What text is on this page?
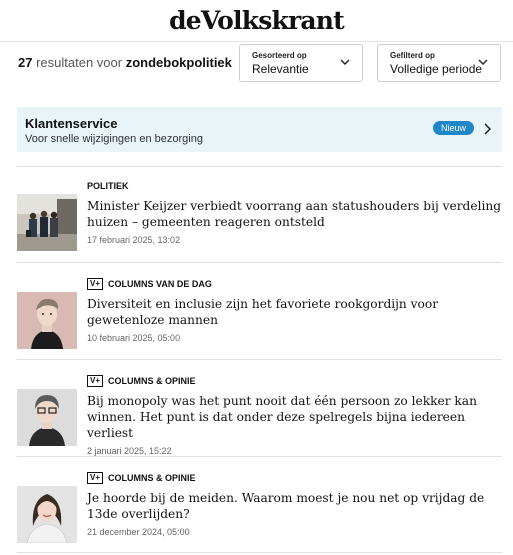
deVolkskrant
27 resultaten voor zondebokpolitiek	Gesorteerd op
Relevantie
Gefilterd op
Volledige periode
Klantenservice
Voor snelle wijzigingen en bezorging
Nieuw
POLITIEK
Minister Keijzer verbiedt voorrang aan statushouders bij verdeling huizen – gemeenten reageren ontsteld
17 februari 2025, 13:02
V+ COLUMNS VAN DE DAG
Diversiteit en inclusie zijn het favoriete rookgordijn voor gewetenloze mannen
10 februari 2025, 05:00
V+ COLUMNS & OPINIE
Bij monopoly was het punt nooit dat één persoon zo lekker kan winnen. Het punt is dat onder deze spelregels bijna iedereen verliest
2 januari 2025, 15:22
V+ COLUMNS & OPINIE
Je hoorde bij de meiden. Waarom moest je nou net op vrijdag de 13de overlijden?
21 december 2024, 05:00
